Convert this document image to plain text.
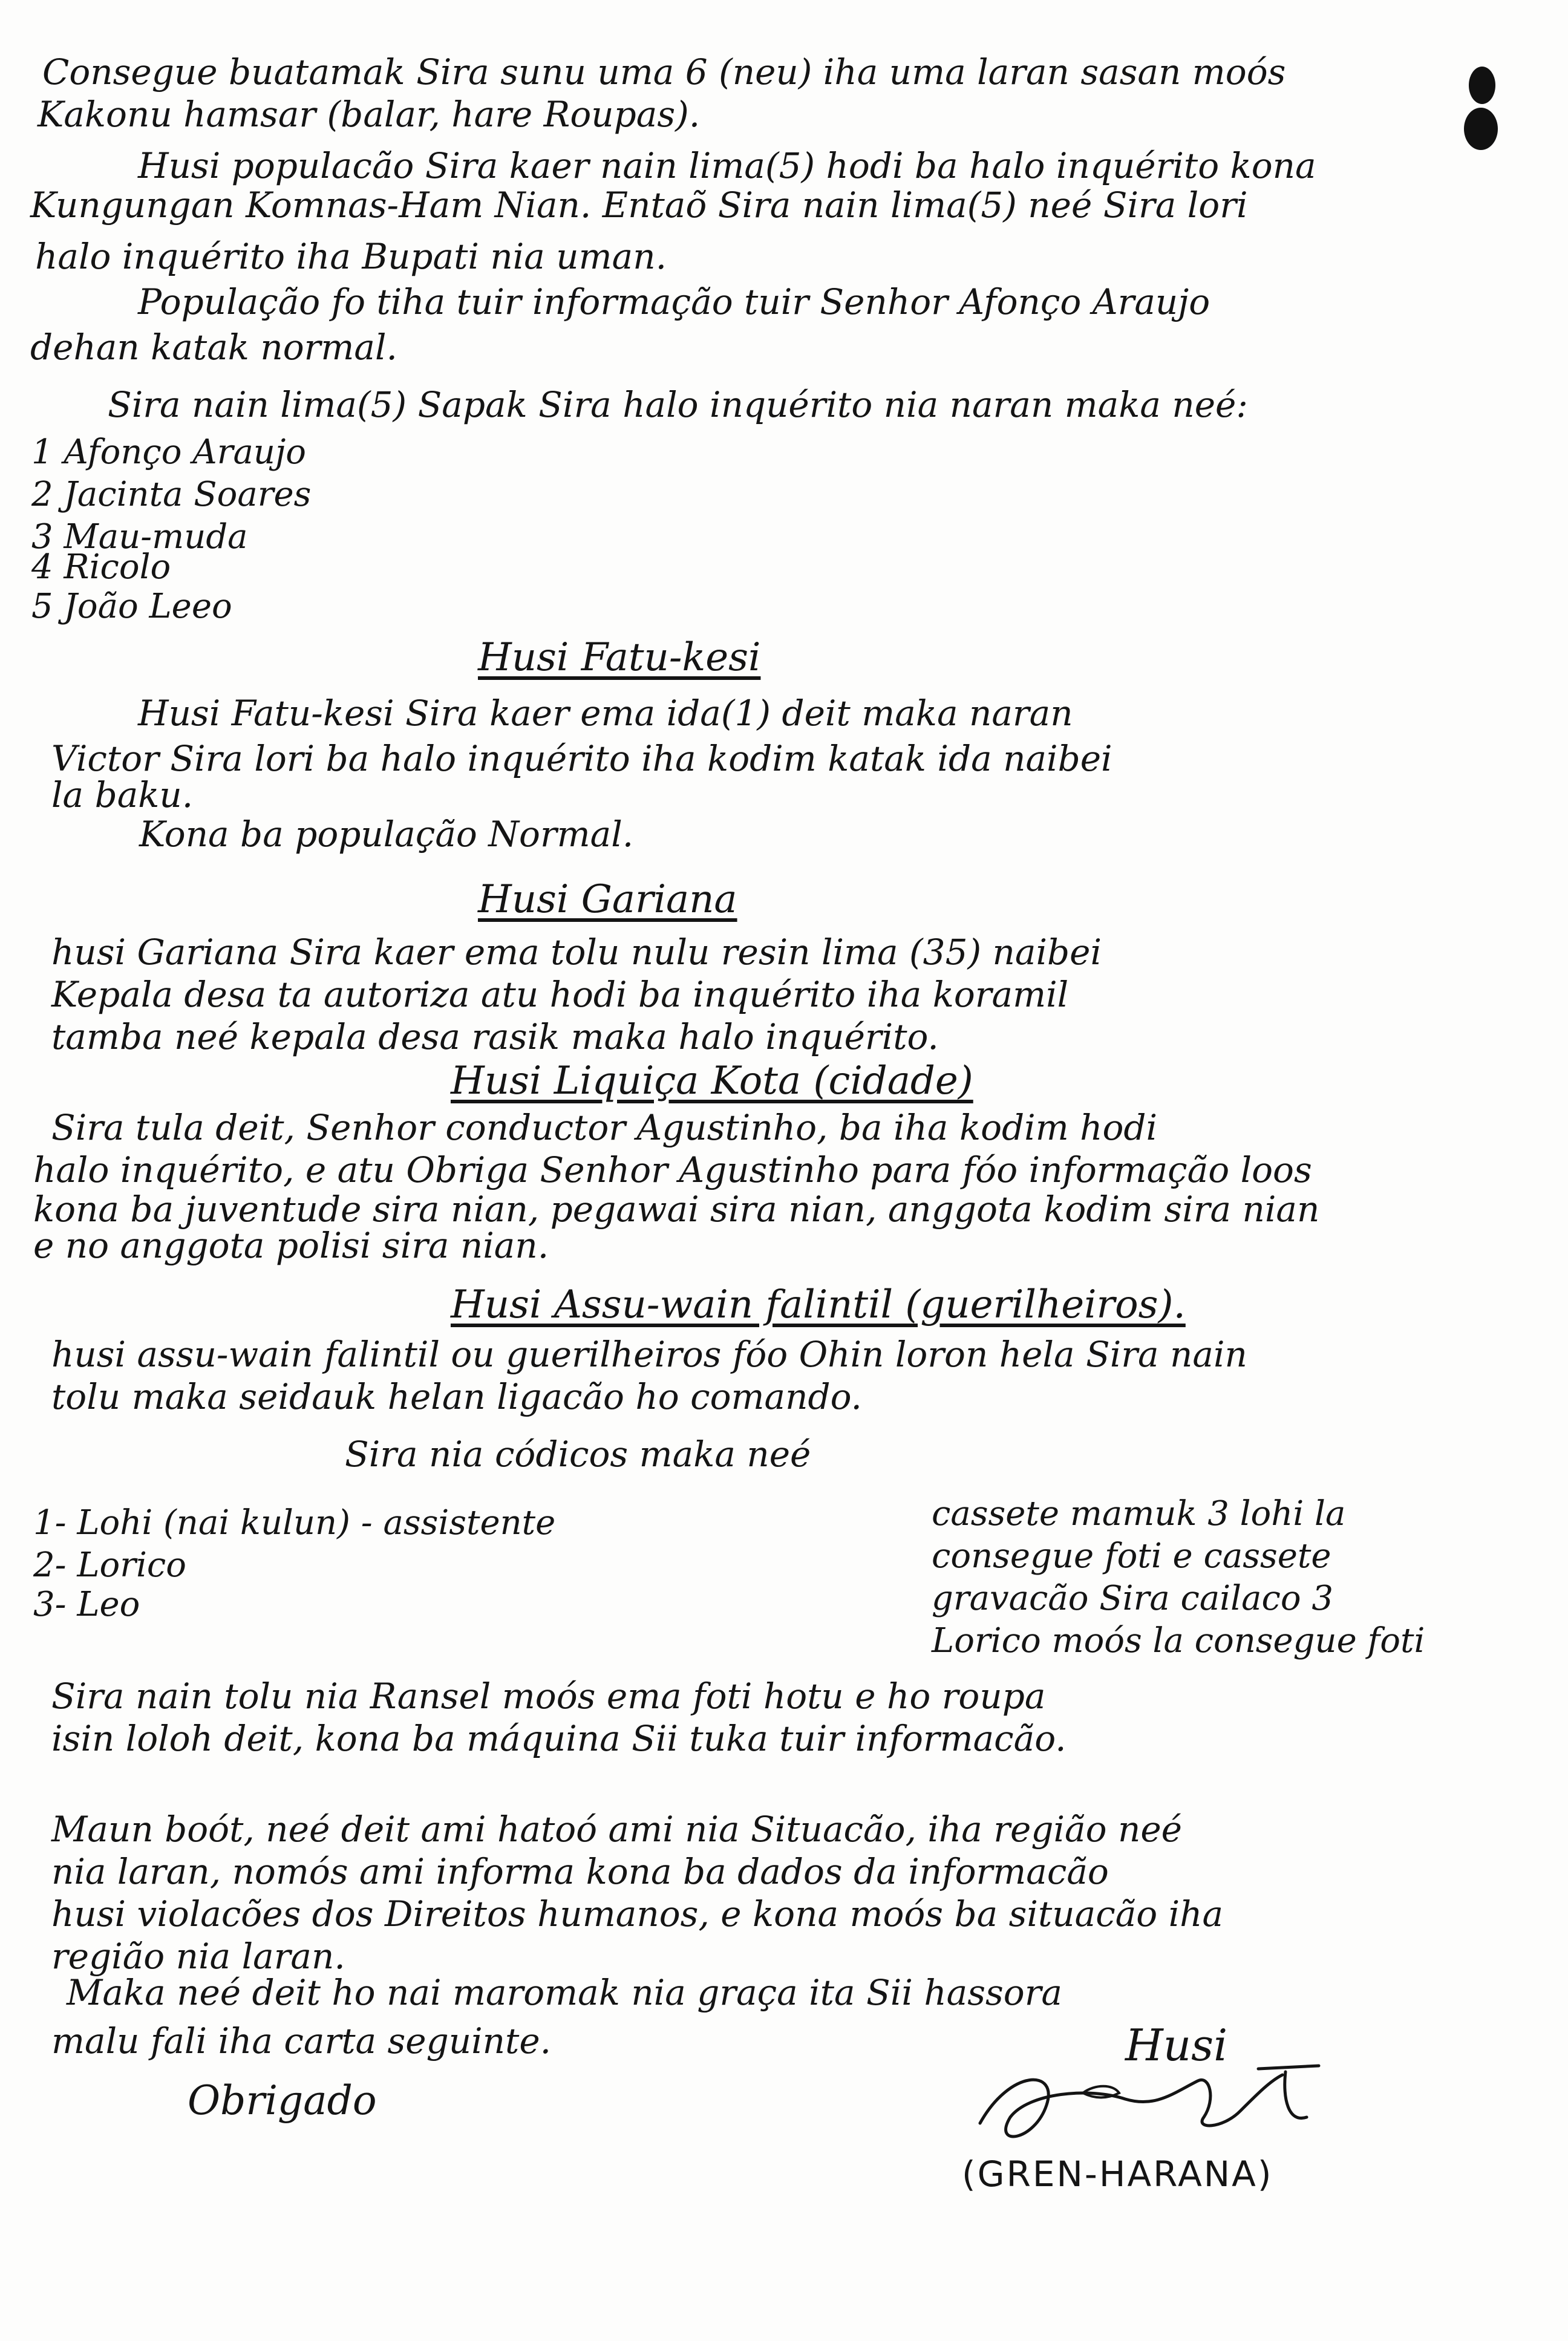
Consegue buatamak Sira sunu uma 6 (neu) iha uma laran sasan moós
Kakonu hamsar (balar, hare Roupas).
Husi populacão Sira kaer nain lima(5) hodi ba halo inquérito kona
Kungungan Komnas-Ham Nian. Entaõ Sira nain lima(5) neé Sira lori
halo inquérito iha Bupati nia uman.
População fo tiha tuir informação tuir Senhor Afonço Araujo
dehan katak normal.
Sira nain lima(5) Sapak Sira halo inquérito nia naran maka neé:
1 Afonço Araujo
2 Jacinta Soares
3 Mau-muda
4 Ricolo
5 João Leeo
Husi Fatu-kesi
Husi Fatu-kesi Sira kaer ema ida(1) deit maka naran
Victor Sira lori ba halo inquérito iha kodim katak ida naibei
la baku.
Kona ba população Normal.
Husi Gariana
husi Gariana Sira kaer ema tolu nulu resin lima (35) naibei
Kepala desa ta autoriza atu hodi ba inquérito iha koramil
tamba neé kepala desa rasik maka halo inquérito.
Husi Liquiça Kota (cidade)
Sira tula deit, Senhor conductor Agustinho, ba iha kodim hodi
halo inquérito, e atu Obriga Senhor Agustinho para fóo informação loos
kona ba juventude sira nian, pegawai sira nian, anggota kodim sira nian
e no anggota polisi sira nian.
Husi Assu-wain falintil (guerilheiros).
husi assu-wain falintil ou guerilheiros fóo Ohin loron hela Sira nain
tolu maka seidauk helan ligacão ho comando.
Sira nia códicos maka neé
1- Lohi (nai kulun) - assistente
2- Lorico
3- Leo
cassete mamuk 3 lohi la
consegue foti e cassete
gravacão Sira cailaco 3
Lorico moós la consegue foti
Sira nain tolu nia Ransel moós ema foti hotu e ho roupa
isin loloh deit, kona ba máquina Sii tuka tuir informacão.
Maun boót, neé deit ami hatoó ami nia Situacão, iha região neé
nia laran, nomós ami informa kona ba dados da informacão
husi violacões dos Direitos humanos, e kona moós ba situacão iha
região nia laran.
Maka neé deit ho nai maromak nia graça ita Sii hassora
malu fali iha carta seguinte.
Obrigado
Husi
(GREN-HARANA)
